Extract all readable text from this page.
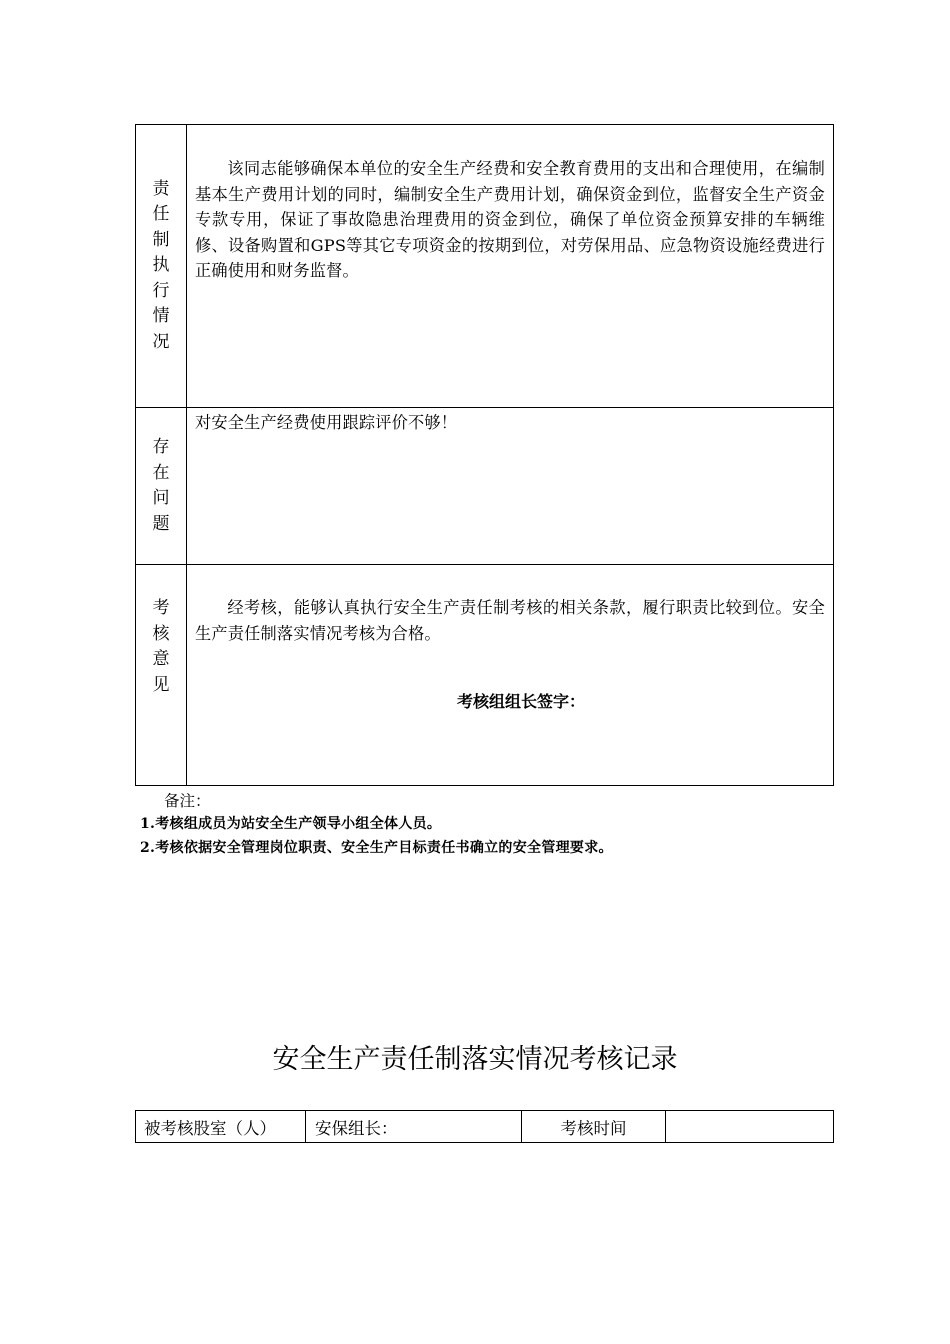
责
任
制
执
行
情
况
该同志能够确保本单位的安全生产经费和安全教育费用的支出和合理使用，在编制基本生产费用计划的同时，编制安全生产费用计划，确保资金到位，监督安全生产资金专款专用，保证了事故隐患治理费用的资金到位，确保了单位资金预算安排的车辆维修、设备购置和GPS等其它专项资金的按期到位，对劳保用品、应急物资设施经费进行正确使用和财务监督。
存
在
问
题
对安全生产经费使用跟踪评价不够！
考
核
意
见
经考核，能够认真执行安全生产责任制考核的相关条款，履行职责比较到位。安全生产责任制落实情况考核为合格。
考核组组长签字：
备注：
1.考核组成员为站安全生产领导小组全体人员。
2.考核依据安全管理岗位职责、安全生产目标责任书确立的安全管理要求。
安全生产责任制落实情况考核记录
被考核股室（人）	安保组长：	考核时间
